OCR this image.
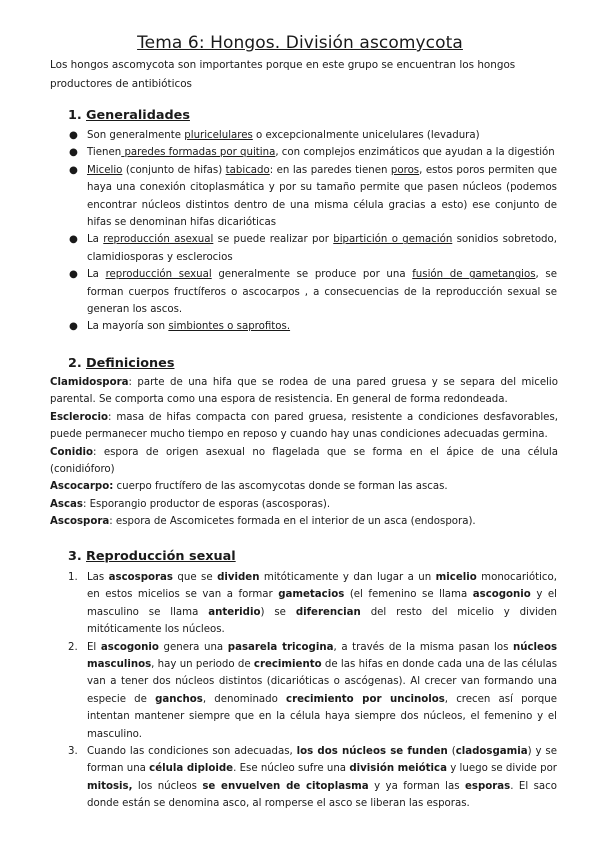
Tema 6: Hongos. División ascomycota
Los hongos ascomycota son importantes porque en este grupo se encuentran los hongos productores de antibióticos
1. Generalidades
● Son generalmente pluricelulares o excepcionalmente unicelulares (levadura)
● Tienen paredes formadas por quitina, con complejos enzimáticos que ayudan a la digestión
● Micelio (conjunto de hifas) tabicado: en las paredes tienen poros, estos poros permiten que haya una conexión citoplasmática y por su tamaño permite que pasen núcleos (podemos encontrar núcleos distintos dentro de una misma célula gracias a esto) ese conjunto de hifas se denominan hifas dicarióticas
● La reproducción asexual se puede realizar por bipartición o gemación sonidios sobretodo, clamidiosporas y esclerocios
● La reproducción sexual generalmente se produce por una fusión de gametangios, se forman cuerpos fructíferos o ascocarpos , a consecuencias de la reproducción sexual se generan los ascos.
● La mayoría son simbiontes o saprofitos.
2. Definiciones

Clamidospora: parte de una hifa que se rodea de una pared gruesa y se separa del micelio parental. Se comporta como una espora de resistencia. En general de forma redondeada.

Esclerocio: masa de hifas compacta con pared gruesa, resistente a condiciones desfavorables, puede permanecer mucho tiempo en reposo y cuando hay unas condiciones adecuadas germina.

Conidio: espora de origen asexual no flagelada que se forma en el ápice de una célula (conidióforo)

Ascocarpo: cuerpo fructífero de las ascomycotas donde se forman las ascas.

Ascas: Esporangio productor de esporas (ascosporas).

Ascospora: espora de Ascomicetes formada en el interior de un asca (endospora).

3. Reproducción sexual
1. Las ascosporas que se dividen mitóticamente y dan lugar a un micelio monocariótico, en estos micelios se van a formar gametacios (el femenino se llama ascogonio y el masculino se llama anteridio) se diferencian del resto del micelio y dividen mitóticamente los núcleos.
2. El ascogonio genera una pasarela tricogina, a través de la misma pasan los núcleos masculinos, hay un periodo de crecimiento de las hifas en donde cada una de las células van a tener dos núcleos distintos (dicarióticas o ascógenas). Al crecer van formando una especie de ganchos, denominado crecimiento por uncinolos, crecen así porque intentan mantener siempre que en la célula haya siempre dos núcleos, el femenino y el masculino.
3. Cuando las condiciones son adecuadas, los dos núcleos se funden (cladosgamia) y se forman una célula diploide. Ese núcleo sufre una división meiótica y luego se divide por mitosis, los núcleos se envuelven de citoplasma y ya forman las esporas. El saco donde están se denomina asco, al romperse el asco se liberan las esporas.
